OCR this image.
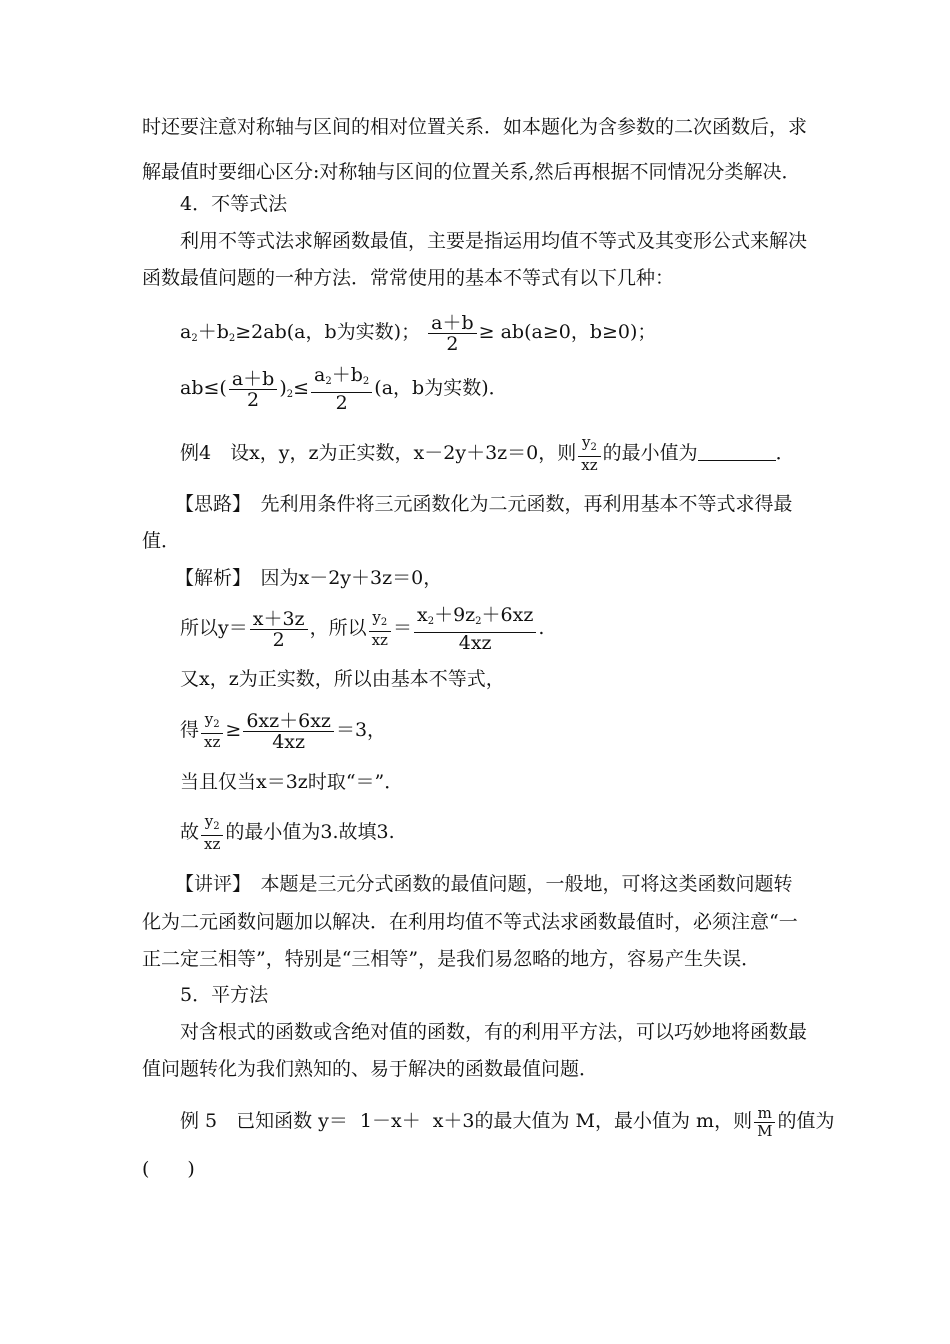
时还要注意对称轴与区间的相对位置关系．如本题化为含参数的二次函数后，求
解最值时要细心区分:对称轴与区间的位置关系,然后再根据不同情况分类解决．
4．不等式法
利用不等式法求解函数最值，主要是指运用均值不等式及其变形公式来解决
函数最值问题的一种方法．常常使用的基本不等式有以下几种：
$a_2+b_2\ge 2ab(a$，b为实数)； $\frac{a+b}{2} \ge ab(a\ge 0$，b≥0)；
$ab\le( \frac{a+b}{2} )_2\le \frac{a_2+b_2}{2} (a$，b为实数)．
例4　设x，y，z为正实数，x－2y＋3z＝0，则 $\frac{y_2}{xz}$ 的最小值为	．
【思路】　先利用条件将三元函数化为二元函数，再利用基本不等式求得最
值．
【解析】　因为x－2y＋3z＝0，
所以$y= \frac{x+3z}{2}$ ，所以 $\frac{y_2}{xz} = \frac{x_2+9z_2+6xz}{4xz}$ .
又x，z为正实数，所以由基本不等式，
得 $\frac{y_2}{xz} \ge \frac{6xz+6xz}{4xz} =3$，
当且仅当x＝3z时取“＝”．
故 $\frac{y_2}{xz}$ 的最小值为3.故填3.
【讲评】　本题是三元分式函数的最值问题，一般地，可将这类函数问题转
化为二元函数问题加以解决．在利用均值不等式法求函数最值时，必须注意“一
正二定三相等”，特别是“三相等”，是我们易忽略的地方，容易产生失误．
5．平方法
对含根式的函数或含绝对值的函数，有的利用平方法，可以巧妙地将函数最
值问题转化为我们熟知的、易于解决的函数最值问题．
例 5　已知函数 y＝ 1－x＋ x＋3的最大值为 M，最小值为 m，则 $\frac{m}{M}$ 的值为
(　　)
